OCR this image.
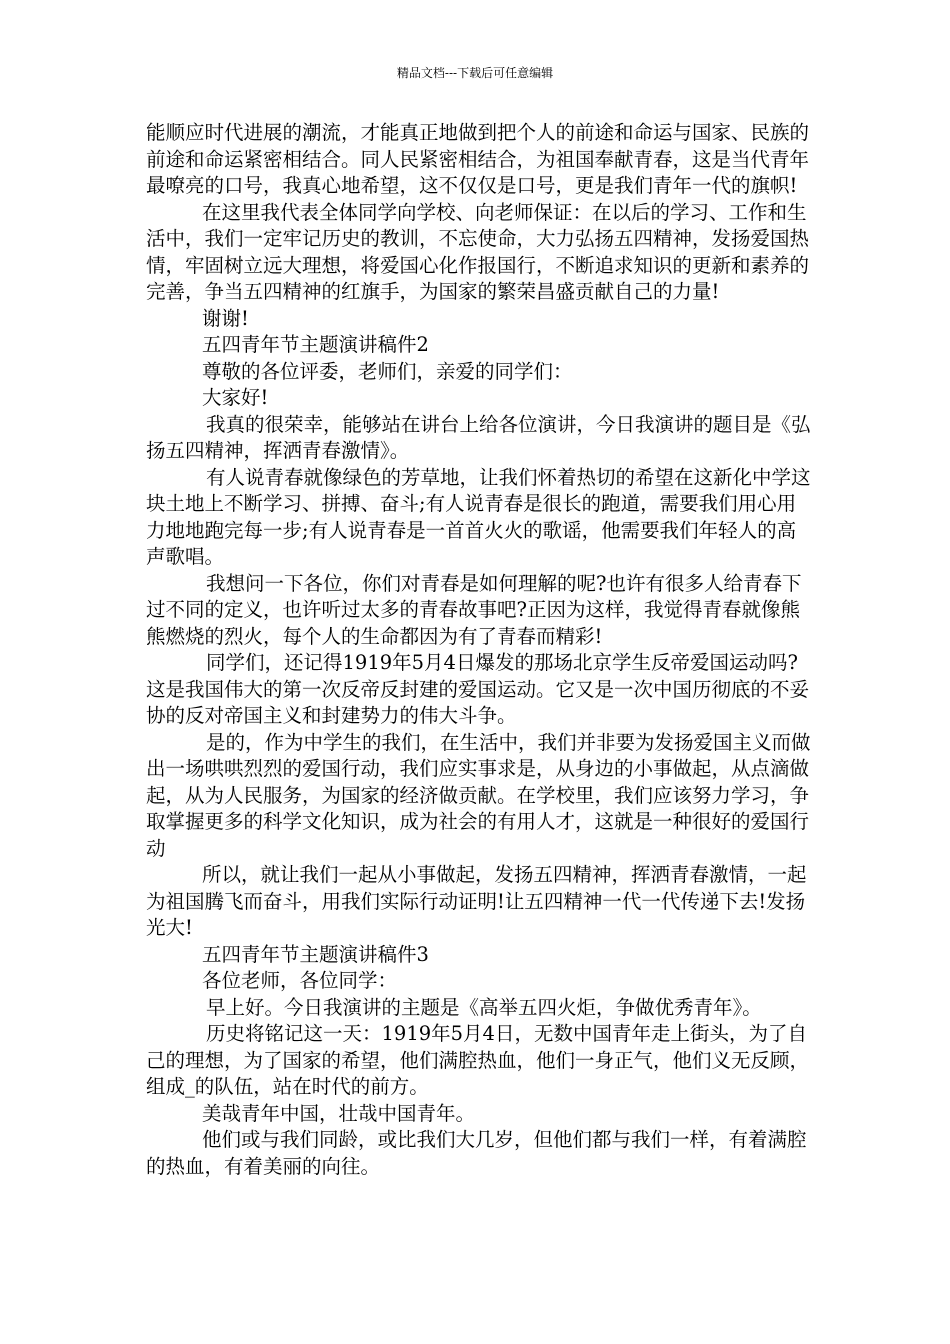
精品文档---下载后可任意编辑

能顺应时代进展的潮流，才能真正地做到把个人的前途和命运与国家、民族的前途和命运紧密相结合。同人民紧密相结合，为祖国奉献青春，这是当代青年最嘹亮的口号，我真心地希望，这不仅仅是口号，更是我们青年一代的旗帜!

在这里我代表全体同学向学校、向老师保证：在以后的学习、工作和生活中，我们一定牢记历史的教训，不忘使命，大力弘扬五四精神，发扬爱国热情，牢固树立远大理想，将爱国心化作报国行，不断追求知识的更新和素养的完善，争当五四精神的红旗手，为国家的繁荣昌盛贡献自己的力量!

谢谢!

五四青年节主题演讲稿件2

尊敬的各位评委，老师们，亲爱的同学们：

大家好!

我真的很荣幸，能够站在讲台上给各位演讲，今日我演讲的题目是《弘扬五四精神，挥洒青春激情》。

有人说青春就像绿色的芳草地，让我们怀着热切的希望在这新化中学这块土地上不断学习、拼搏、奋斗;有人说青春是很长的跑道，需要我们用心用力地地跑完每一步;有人说青春是一首首火火的歌谣，他需要我们年轻人的高声歌唱。

我想问一下各位，你们对青春是如何理解的呢?也许有很多人给青春下过不同的定义，也许听过太多的青春故事吧?正因为这样，我觉得青春就像熊熊燃烧的烈火，每个人的生命都因为有了青春而精彩!

同学们，还记得1919年5月4日爆发的那场北京学生反帝爱国运动吗?这是我国伟大的第一次反帝反封建的爱国运动。它又是一次中国历彻底的不妥协的反对帝国主义和封建势力的伟大斗争。

是的，作为中学生的我们，在生活中，我们并非要为发扬爱国主义而做出一场哄哄烈烈的爱国行动，我们应实事求是，从身边的小事做起，从点滴做起，从为人民服务，为国家的经济做贡献。在学校里，我们应该努力学习，争取掌握更多的科学文化知识，成为社会的有用人才，这就是一种很好的爱国行动

所以，就让我们一起从小事做起，发扬五四精神，挥洒青春激情，一起为祖国腾飞而奋斗，用我们实际行动证明!让五四精神一代一代传递下去!发扬光大!

五四青年节主题演讲稿件3

各位老师，各位同学：

早上好。今日我演讲的主题是《高举五四火炬，争做优秀青年》。

历史将铭记这一天：1919年5月4日，无数中国青年走上街头，为了自己的理想，为了国家的希望，他们满腔热血，他们一身正气，他们义无反顾，组成_的队伍，站在时代的前方。

美哉青年中国，壮哉中国青年。

他们或与我们同龄，或比我们大几岁，但他们都与我们一样，有着满腔的热血，有着美丽的向往。
